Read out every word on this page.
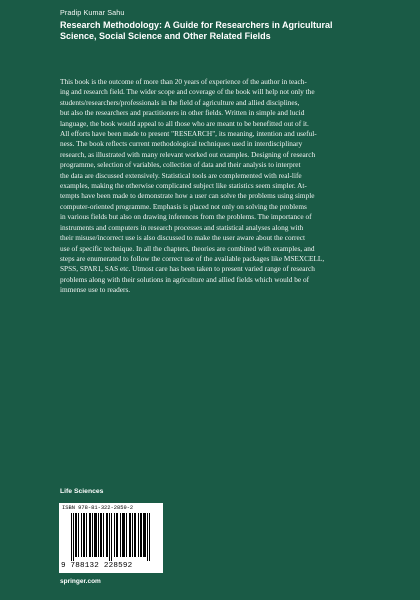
Pradip Kumar Sahu
Research Methodology: A Guide for Researchers in Agricultural
Science, Social Science and Other Related Fields
This book is the outcome of more than 20 years of experience of the author in teach-
ing and research field. The wider scope and coverage of the book will help not only the
students/researchers/professionals in the field of agriculture and allied disciplines,
but also the researchers and practitioners in other fields. Written in simple and lucid
language, the book would appeal to all those who are meant to be benefitted out of it.
All efforts have been made to present "RESEARCH", its meaning, intention and useful-
ness. The book reflects current methodological techniques used in interdisciplinary
research, as illustrated with many relevant worked out examples. Designing of research
programme, selection of variables, collection of data and their analysis to interpret
the data are discussed extensively. Statistical tools are complemented with real-life
examples, making the otherwise complicated subject like statistics seem simpler. At-
tempts have been made to demonstrate how a user can solve the problems using simple
computer-oriented programme. Emphasis is placed not only on solving the problems
in various fields but also on drawing inferences from the problems. The importance of
instruments and computers in research processes and statistical analyses along with
their misuse/incorrect use is also discussed to make the user aware about the correct
use of specific technique. In all the chapters, theories are combined with examples, and
steps are enumerated to follow the correct use of the available packages like MSEXCELL,
SPSS, SPAR1, SAS etc. Utmost care has been taken to present varied range of research
problems along with their solutions in agriculture and allied fields which would be of
immense use to readers.
Life Sciences
ISBN 978-81-322-2859-2
9 788132 228592
springer.com
